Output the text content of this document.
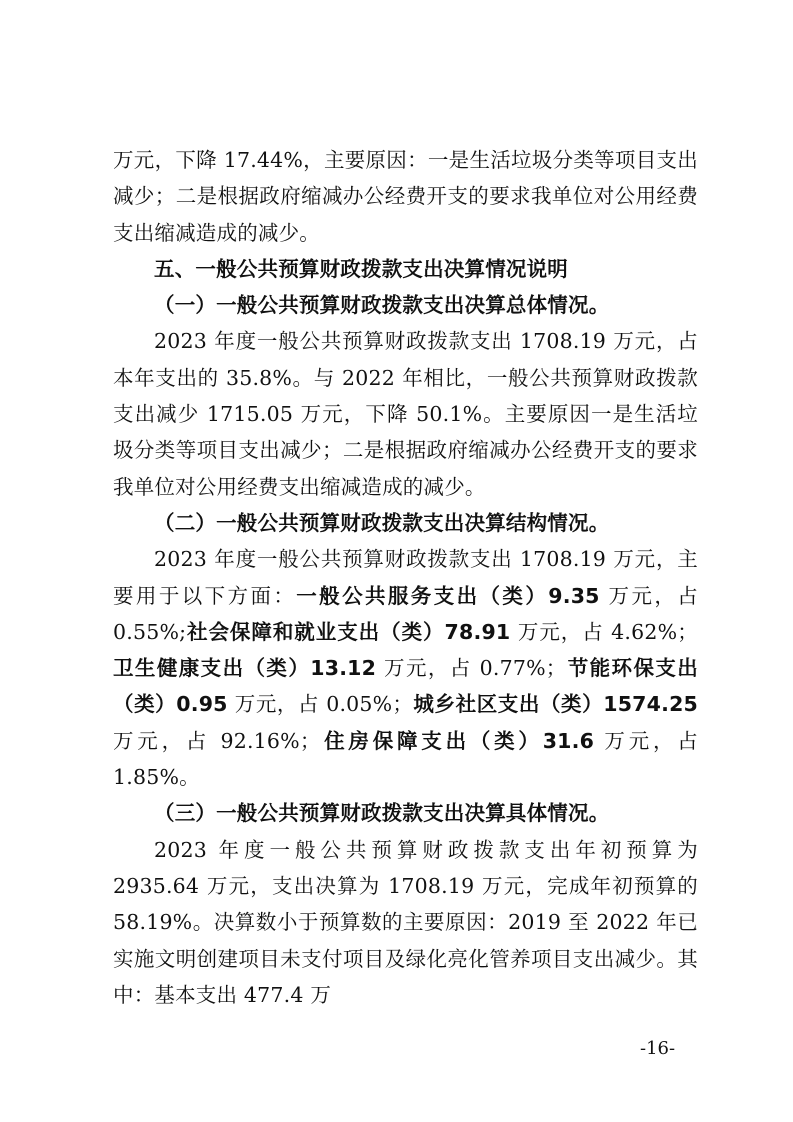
万元，下降 17.44%，主要原因：一是生活垃圾分类等项目支出减少；二是根据政府缩减办公经费开支的要求我单位对公用经费支出缩减造成的减少。

五、一般公共预算财政拨款支出决算情况说明

（一）一般公共预算财政拨款支出决算总体情况。

2023 年度一般公共预算财政拨款支出 1708.19 万元，占本年支出的 35.8%。与 2022 年相比，一般公共预算财政拨款支出减少 1715.05 万元，下降 50.1%。主要原因一是生活垃圾分类等项目支出减少；二是根据政府缩减办公经费开支的要求我单位对公用经费支出缩减造成的减少。

（二）一般公共预算财政拨款支出决算结构情况。

2023 年度一般公共预算财政拨款支出 1708.19 万元，主要用于以下方面：一般公共服务支出（类）9.35 万元，占 0.55%;社会保障和就业支出（类）78.91 万元，占 4.62%；卫生健康支出（类）13.12 万元，占 0.77%；节能环保支出（类）0.95 万元，占 0.05%；城乡社区支出（类）1574.25 万元，占 92.16%；住房保障支出（类）31.6 万元，占 1.85%。

（三）一般公共预算财政拨款支出决算具体情况。

2023 年度一般公共预算财政拨款支出年初预算为 2935.64 万元，支出决算为 1708.19 万元，完成年初预算的 58.19%。决算数小于预算数的主要原因：2019 至 2022 年已实施文明创建项目未支付项目及绿化亮化管养项目支出减少。其中：基本支出 477.4 万

-16-
